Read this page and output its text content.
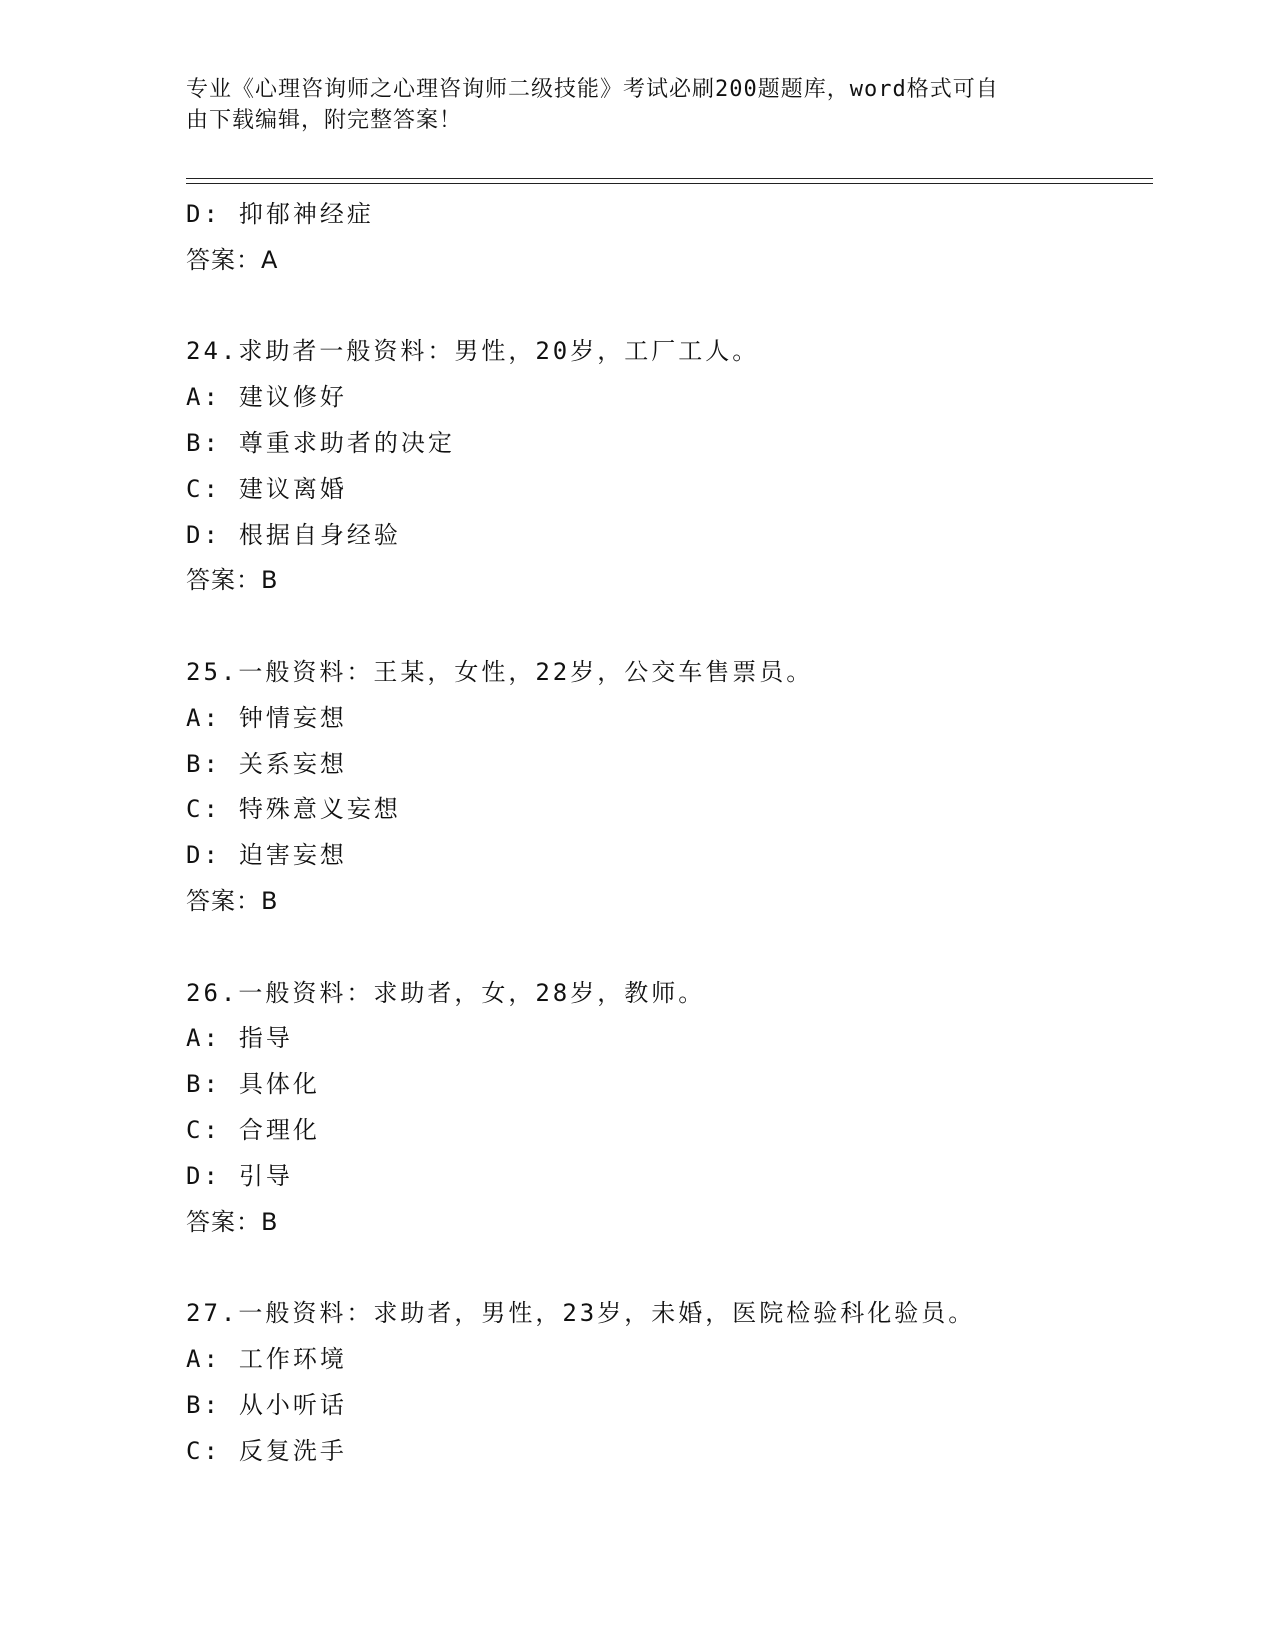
专业《心理咨询师之心理咨询师二级技能》考试必刷200题题库，word格式可自
由下载编辑，附完整答案！
D: 抑郁神经症
答案：A
24.求助者一般资料：男性，20岁，工厂工人。
A: 建议修好
B: 尊重求助者的决定
C: 建议离婚
D: 根据自身经验
答案：B
25.一般资料：王某，女性，22岁，公交车售票员。
A: 钟情妄想
B: 关系妄想
C: 特殊意义妄想
D: 迫害妄想
答案：B
26.一般资料：求助者，女，28岁，教师。
A: 指导
B: 具体化
C: 合理化
D: 引导
答案：B
27.一般资料：求助者，男性，23岁，未婚，医院检验科化验员。
A: 工作环境
B: 从小听话
C: 反复洗手
